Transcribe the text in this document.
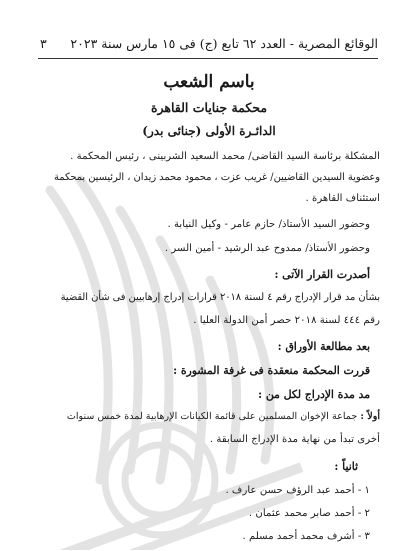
الوقائع المصرية - العدد ٦٢ تابع (ج) فى ١٥ مارس سنة ٢٠٢٣
٣
باسم الشعب
محكمة جنايات القاهرة
الدائـرة الأولى (جنائى بدر)
المشكلة برئاسة السيد القاضى/ محمد السعيد الشربينى ، رئيس المحكمة .
وعضوية السيدين القاضيين/ غريب عزت ، محمود محمد زيدان ، الرئيسين بمحكمة
استئناف القاهرة .
وحضور السيد الأستاذ/ حازم عامر - وكيل النيابة .
وحضور الأستاذ/ ممدوح عبد الرشيد - أمين السر .
أصدرت القرار الآتى :
بشأن مد قرار الإدراج رقم ٤ لسنة ٢٠١٨ قرارات إدراج إرهابيين فى شأن القضية
رقم ٤٤٤ لسنة ٢٠١٨ حصر أمن الدولة العليا .
بعد مطالعة الأوراق :
قررت المحكمة منعقدة فى غرفة المشورة :
مد مدة الإدراج لكل من :
أولاً : جماعة الإخوان المسلمين على قائمة الكيانات الإرهابية لمدة خمس سنوات
أخرى تبدأ من نهاية مدة الإدراج السابقة .
ثانياً :
١ - أحمد عبد الرؤف حسن عارف .
٢ - أحمد صابر محمد عثمان .
٣ - أشرف محمد أحمد مسلم .
